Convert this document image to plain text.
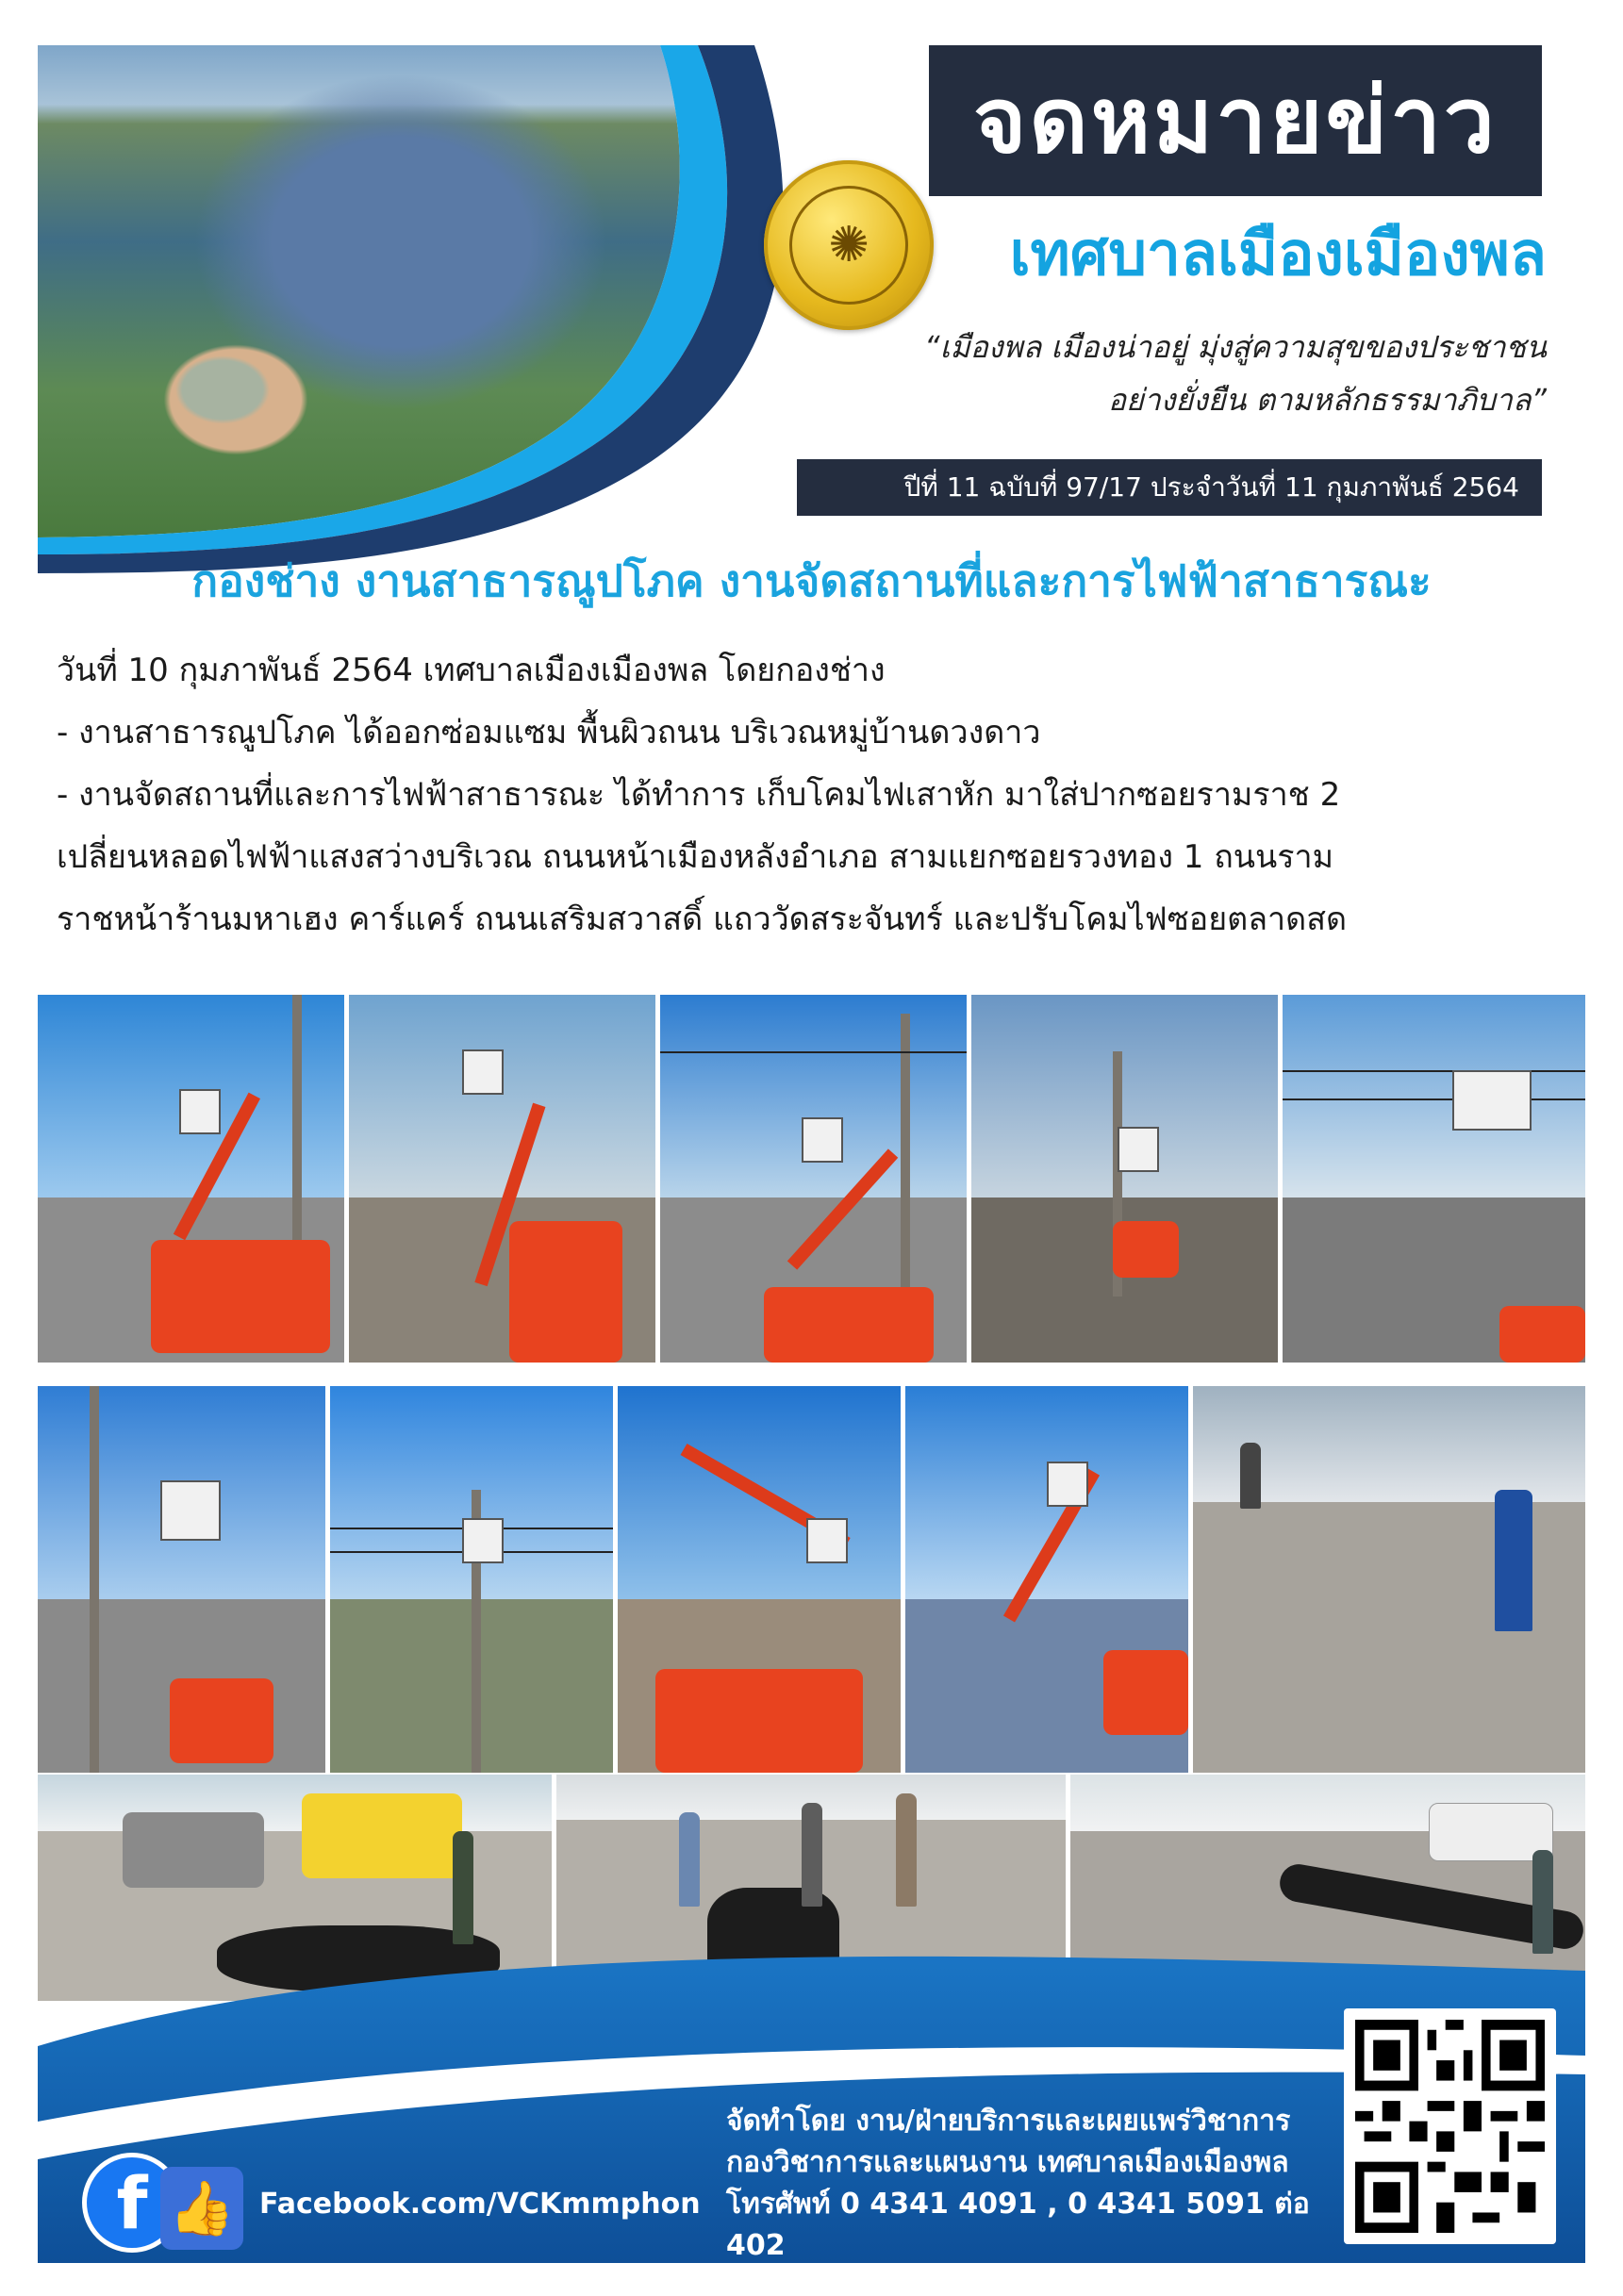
จดหมายข่าว
เทศบาลเมืองเมืองพล
✺
“เมืองพล เมืองน่าอยู่ มุ่งสู่ความสุขของประชาชน
อย่างยั่งยืน ตามหลักธรรมาภิบาล”
ปีที่ 11 ฉบับที่ 97/17 ประจำวันที่ 11 กุมภาพันธ์ 2564
กองช่าง งานสาธารณูปโภค งานจัดสถานที่และการไฟฟ้าสาธารณะ

วันที่ 10 กุมภาพันธ์ 2564 เทศบาลเมืองเมืองพล โดยกองช่าง

- งานสาธารณูปโภค ได้ออกซ่อมแซม พื้นผิวถนน บริเวณหมู่บ้านดวงดาว

- งานจัดสถานที่และการไฟฟ้าสาธารณะ ได้ทำการ เก็บโคมไฟเสาหัก มาใส่ปากซอยรามราช 2

เปลี่ยนหลอดไฟฟ้าแสงสว่างบริเวณ ถนนหน้าเมืองหลังอำเภอ สามแยกซอยรวงทอง 1 ถนนราม

ราชหน้าร้านมหาเฮง คาร์แคร์ ถนนเสริมสวาสดิ์ แถววัดสระจันทร์ และปรับโคมไฟซอยตลาดสด

จัดทำโดย งาน/ฝ่ายบริการและเผยแพร่วิชาการ
กองวิชาการและแผนงาน เทศบาลเมืองเมืองพล
โทรศัพท์ 0 4341 4091 , 0 4341 5091 ต่อ 402
f 👍 Facebook.com/VCKmmphon
